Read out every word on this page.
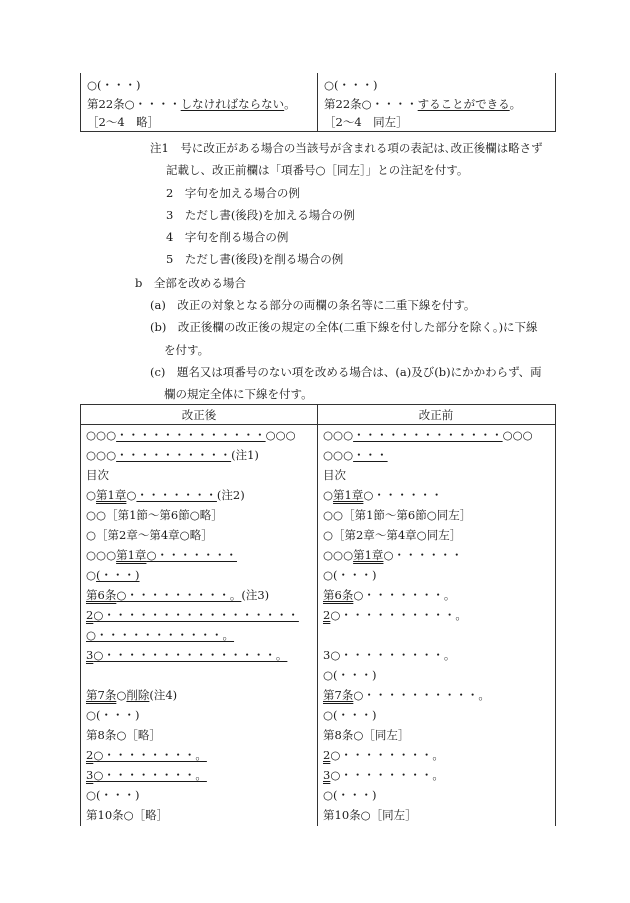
○(・・・)
第22条○・・・・しなければならない。
［2〜4　略］
○(・・・)
第22条○・・・・することができる。
［2〜4　同左］
注1　号に改正がある場合の当該号が含まれる項の表記は､改正後欄は略さず
記載し、改正前欄は「項番号○［同左］」との注記を付す。
2　字句を加える場合の例
3　ただし書(後段)を加える場合の例
4　字句を削る場合の例
5　ただし書(後段)を削る場合の例
b　全部を改める場合
(a)　改正の対象となる部分の両欄の条名等に二重下線を付す。
(b)　改正後欄の改正後の規定の全体(二重下線を付した部分を除く｡)に下線
を付す。
(c)　題名又は項番号のない項を改める場合は、(a)及び(b)にかかわらず、両
欄の規定全体に下線を付す。
改正後	改正前
○○○・・・・・・・・・・・・・○○○
○○○・・・・・・・・・・(注1)
目次
○第1章○・・・・・・・(注2)
○○［第1節〜第6節○略］
○［第2章〜第4章○略］
○○○第1章○・・・・・・・
○(・・・)
第6条○・・・・・・・・・。(注3)
2○・・・・・・・・・・・・・・・・・
○・・・・・・・・・・・。
3○・・・・・・・・・・・・・・・。
第7条○削除(注4)
○(・・・)
第8条○［略］
2○・・・・・・・・。
3○・・・・・・・・。
○(・・・)
第10条○［略］
○○○・・・・・・・・・・・・・○○○
○○○・・・
目次
○第1章○・・・・・・
○○［第1節〜第6節○同左］
○［第2章〜第4章○同左］
○○○第1章○・・・・・・
○(・・・)
第6条○・・・・・・・。
2○・・・・・・・・・・。
3○・・・・・・・・・。
○(・・・)
第7条○・・・・・・・・・・。
○(・・・)
第8条○［同左］
2○・・・・・・・・。
3○・・・・・・・・。
○(・・・)
第10条○［同左］
